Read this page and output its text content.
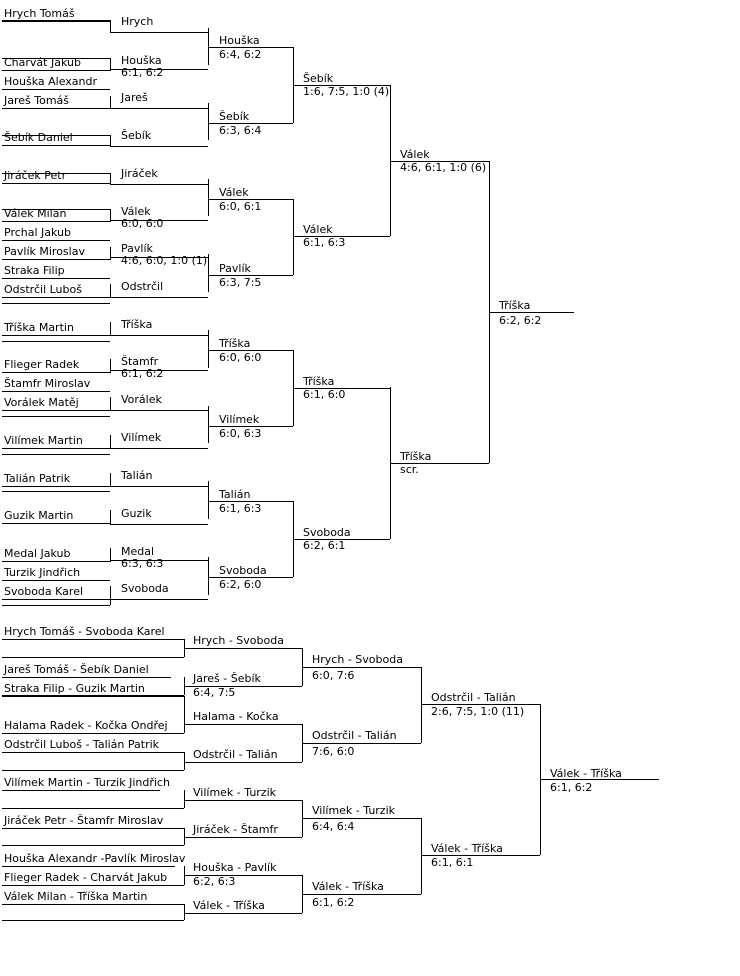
Hrych Tomáš
Charvát Jakub
Houška Alexandr
Jareš Tomáš
Šebík Daniel
Jiráček Petr
Válek Milan
Prchal Jakub
Pavlík Miroslav
Straka Filip
Odstrčil Luboš
Tříška Martin
Flieger Radek
Štamfr Miroslav
Vorálek Matěj
Vilímek Martin
Talián Patrik
Guzik Martin
Medal Jakub
Turzik Jindřich
Svoboda Karel
Hrych
Houška
6:1, 6:2
Jareš
Šebík
Jiráček
Válek
6:0, 6:0
Pavlík
4:6, 6:0, 1:0 (1)
Odstrčil
Tříška
Štamfr
6:1, 6:2
Vorálek
Vilímek
Talián
Guzik
Medal
6:3, 6:3
Svoboda
Houška
6:4, 6:2
Šebík
6:3, 6:4
Válek
6:0, 6:1
Pavlík
6:3, 7:5
Tříška
6:0, 6:0
Vilímek
6:0, 6:3
Talián
6:1, 6:3
Svoboda
6:2, 6:0
Šebík
1:6, 7:5, 1:0 (4)
Válek
6:1, 6:3
Tříška
6:1, 6:0
Svoboda
6:2, 6:1
Válek
4:6, 6:1, 1:0 (6)
Tříška
scr.
Tříška
6:2, 6:2
Hrych Tomáš - Svoboda Karel
Jareš Tomáš - Šebík Daniel
Straka Filip - Guzik Martin
Halama Radek - Kočka Ondřej
Odstrčil Luboš - Talián Patrik
Vilímek Martin - Turzik Jindřich
Jiráček Petr - Štamfr Miroslav
Houška Alexandr -Pavlík Miroslav
Flieger Radek - Charvát Jakub
Válek Milan - Tříška Martin
Hrych - Svoboda
Jareš - Šebík
6:4, 7:5
Halama - Kočka
Odstrčil - Talián
Vilímek - Turzik
Jiráček - Štamfr
Houška - Pavlík
6:2, 6:3
Válek - Tříška
Hrych - Svoboda
6:0, 7:6
Odstrčil - Talián
7:6, 6:0
Vilímek - Turzik
6:4, 6:4
Válek - Tříška
6:1, 6:2
Odstrčil - Talián
2:6, 7:5, 1:0 (11)
Válek - Tříška
6:1, 6:1
Válek - Tříška
6:1, 6:2
